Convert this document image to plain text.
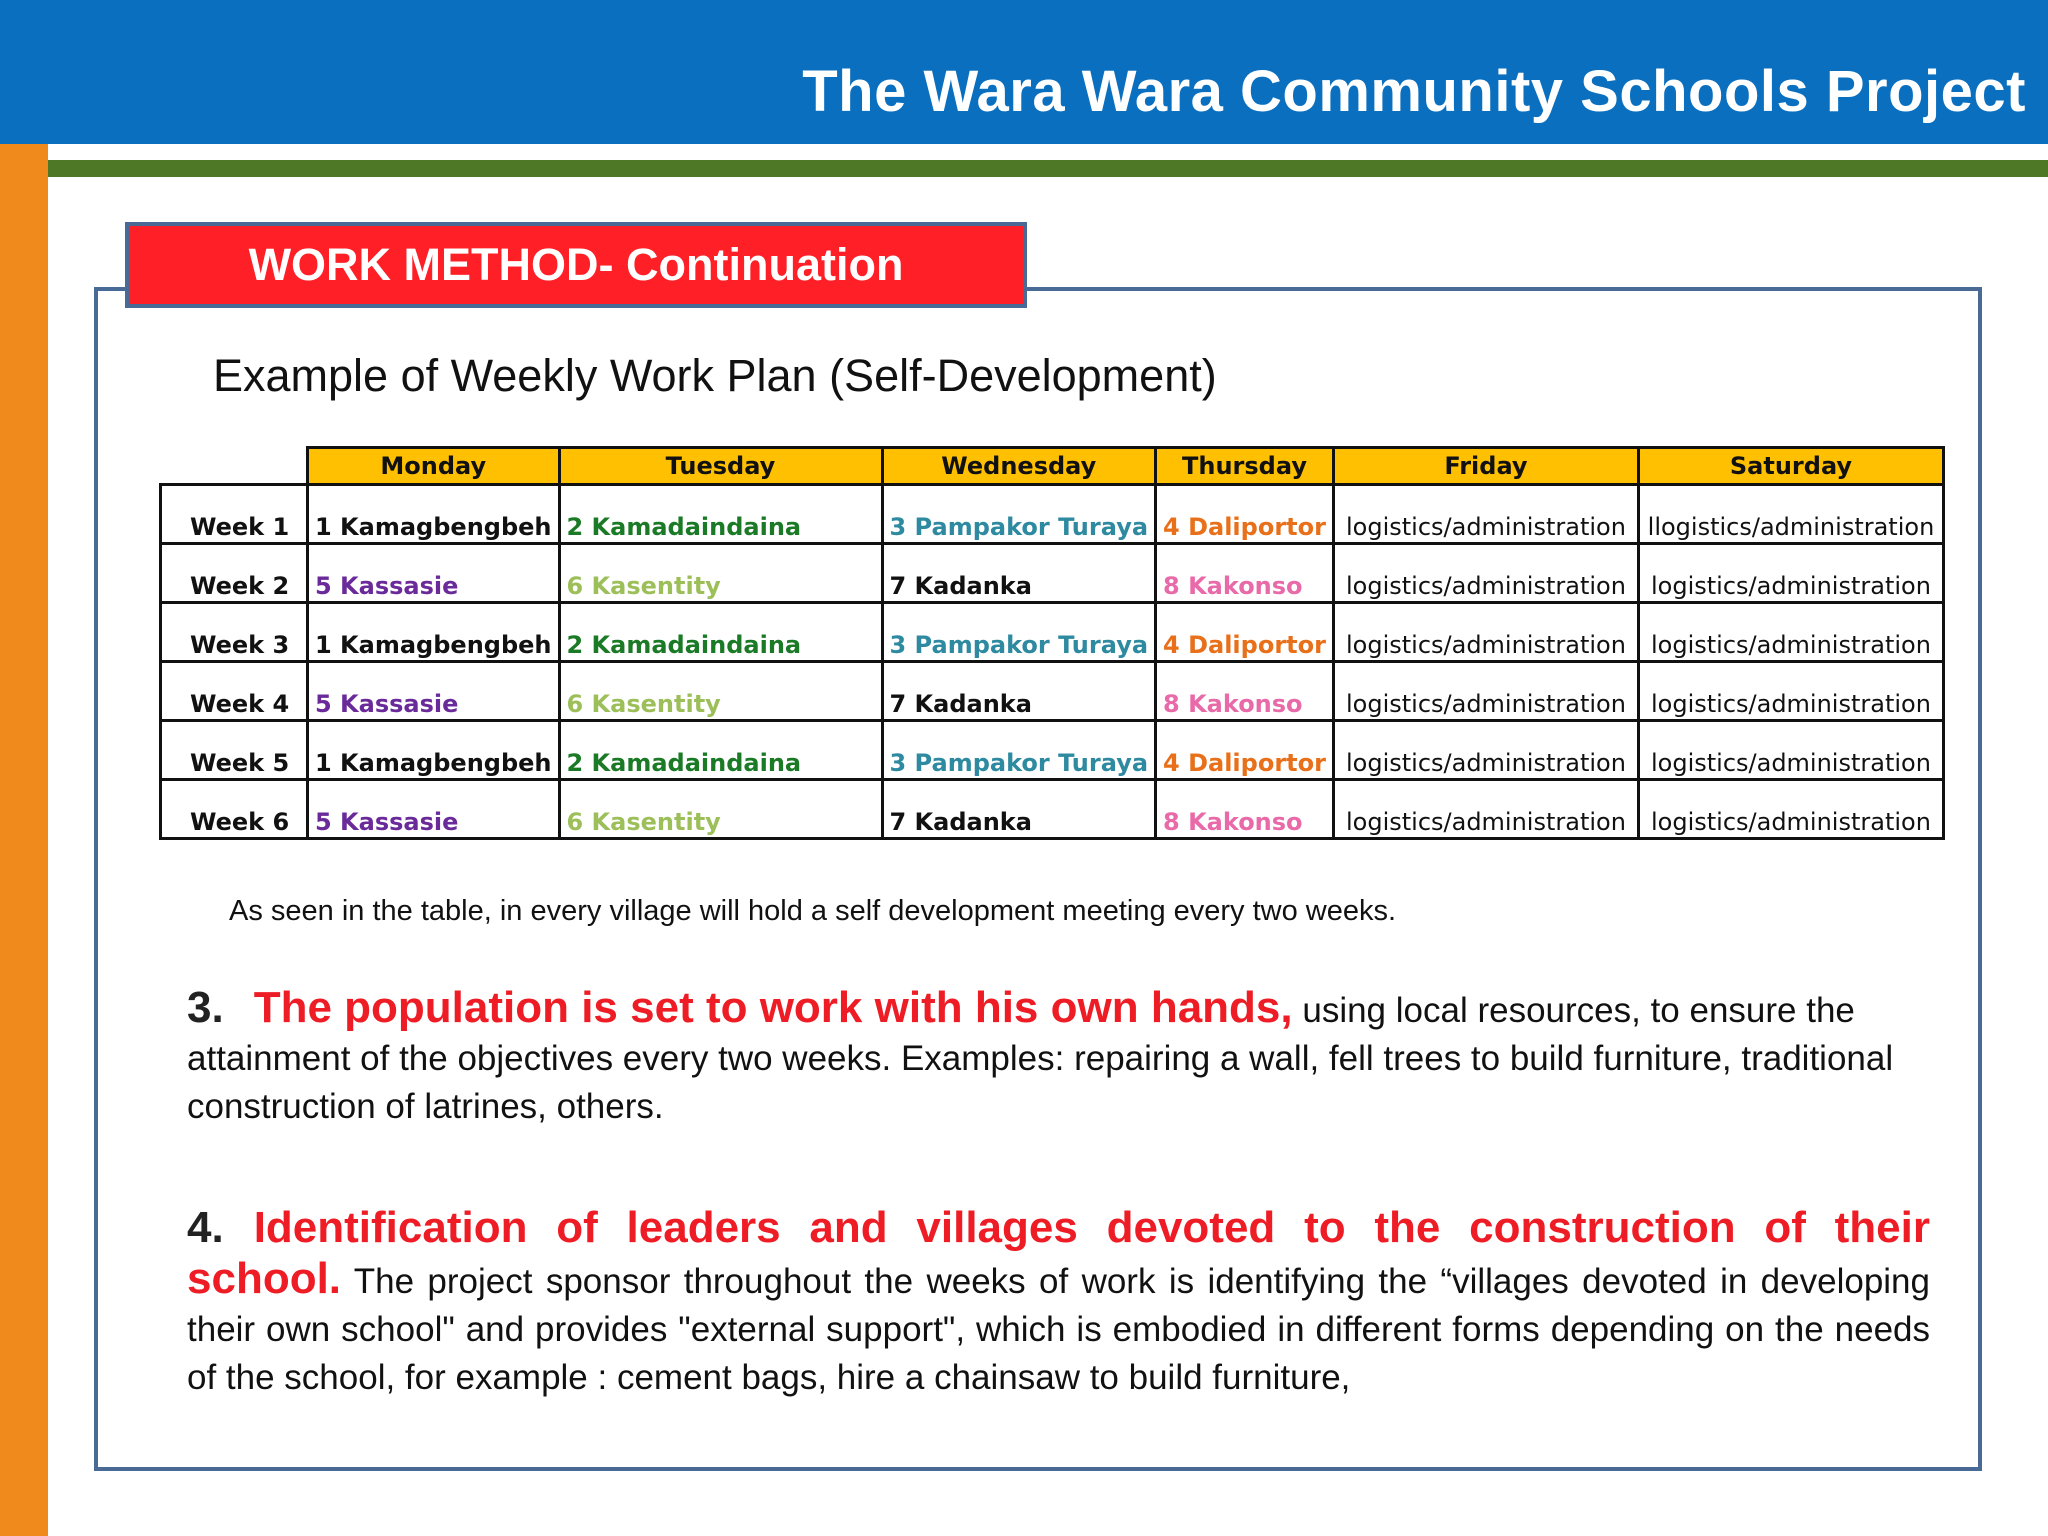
The Wara Wara Community Schools Project
WORK METHOD- Continuation
Example of Weekly Work Plan (Self-Development)
	Monday	Tuesday	Wednesday	Thursday	Friday	Saturday
Week 1	1 Kamagbengbeh	2 Kamadaindaina	3 Pampakor Turaya	4 Daliportor	logistics/administration	llogistics/administration
Week 2	5 Kassasie	6 Kasentity	7 Kadanka	8 Kakonso	logistics/administration	logistics/administration
Week 3	1 Kamagbengbeh	2 Kamadaindaina	3 Pampakor Turaya	4 Daliportor	logistics/administration	logistics/administration
Week 4	5 Kassasie	6 Kasentity	7 Kadanka	8 Kakonso	logistics/administration	logistics/administration
Week 5	1 Kamagbengbeh	2 Kamadaindaina	3 Pampakor Turaya	4 Daliportor	logistics/administration	logistics/administration
Week 6	5 Kassasie	6 Kasentity	7 Kadanka	8 Kakonso	logistics/administration	logistics/administration
As seen in the table, in every village will hold a self development meeting every two weeks.
3. The population is set to work with his own hands, using local resources, to ensure the attainment of the objectives every two weeks. Examples: repairing a wall, fell trees to build furniture, traditional construction of latrines, others.
4. Identification of leaders and villages devoted to the construction of their school. The project sponsor throughout the weeks of work is identifying the “villages devoted in developing their own school" and provides "external support", which is embodied in different forms depending on the needs of the school, for example : cement bags, hire a chainsaw to build furniture,
